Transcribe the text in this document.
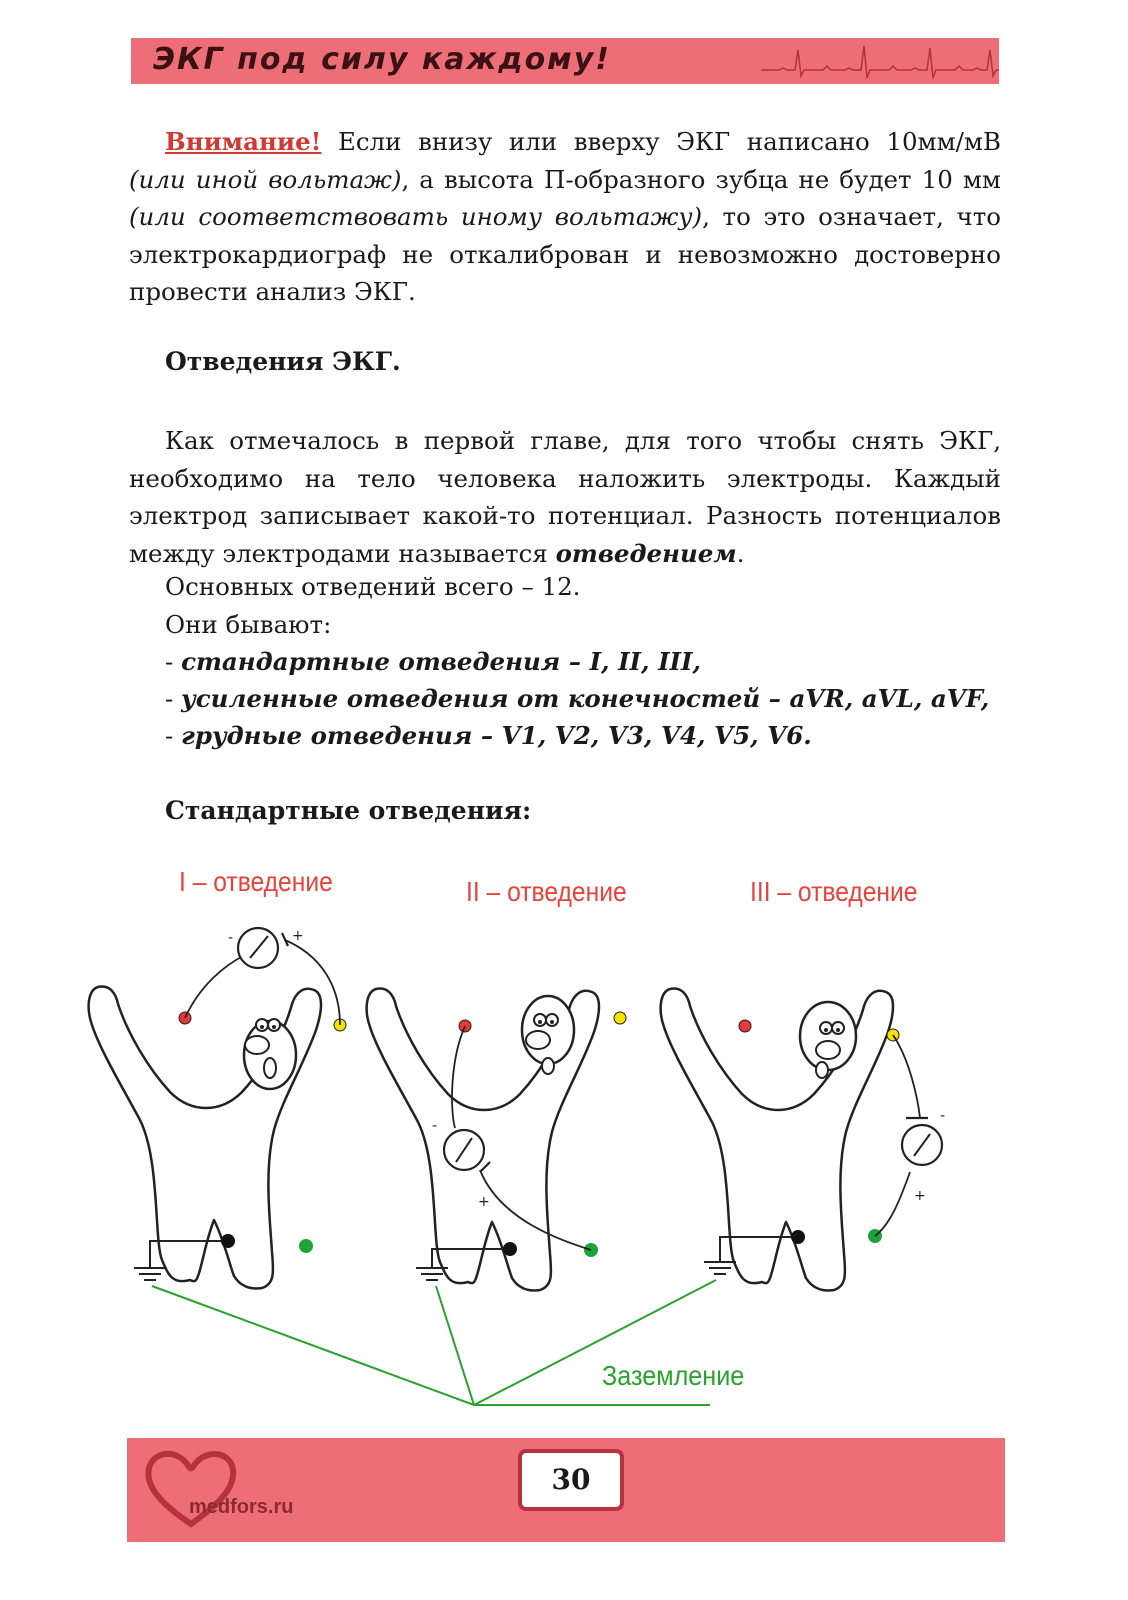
ЭКГ под силу каждому!
Внимание! Если внизу или вверху ЭКГ написано 10мм/мВ (или иной вольтаж), а высота П-образного зубца не будет 10 мм (или соответствовать иному вольтажу), то это означает, что электрокардиограф не откалиброван и невозможно достоверно провести анализ ЭКГ.
Отведения ЭКГ.
Как отмечалось в первой главе, для того чтобы снять ЭКГ, необходимо на тело человека наложить электроды. Каждый электрод записывает какой-то потенциал. Разность потенциалов между электродами называется отведением.
Основных отведений всего – 12.
Они бывают:
- стандартные отведения – I, II, III,
- усиленные отведения от конечностей – aVR, aVL, aVF,
- грудные отведения – V1, V2, V3, V4, V5, V6.
Стандартные отведения:
I – отведение	II – отведение	III – отведение
-	+
-
+
-
+
Заземление
medfors.ru
30
